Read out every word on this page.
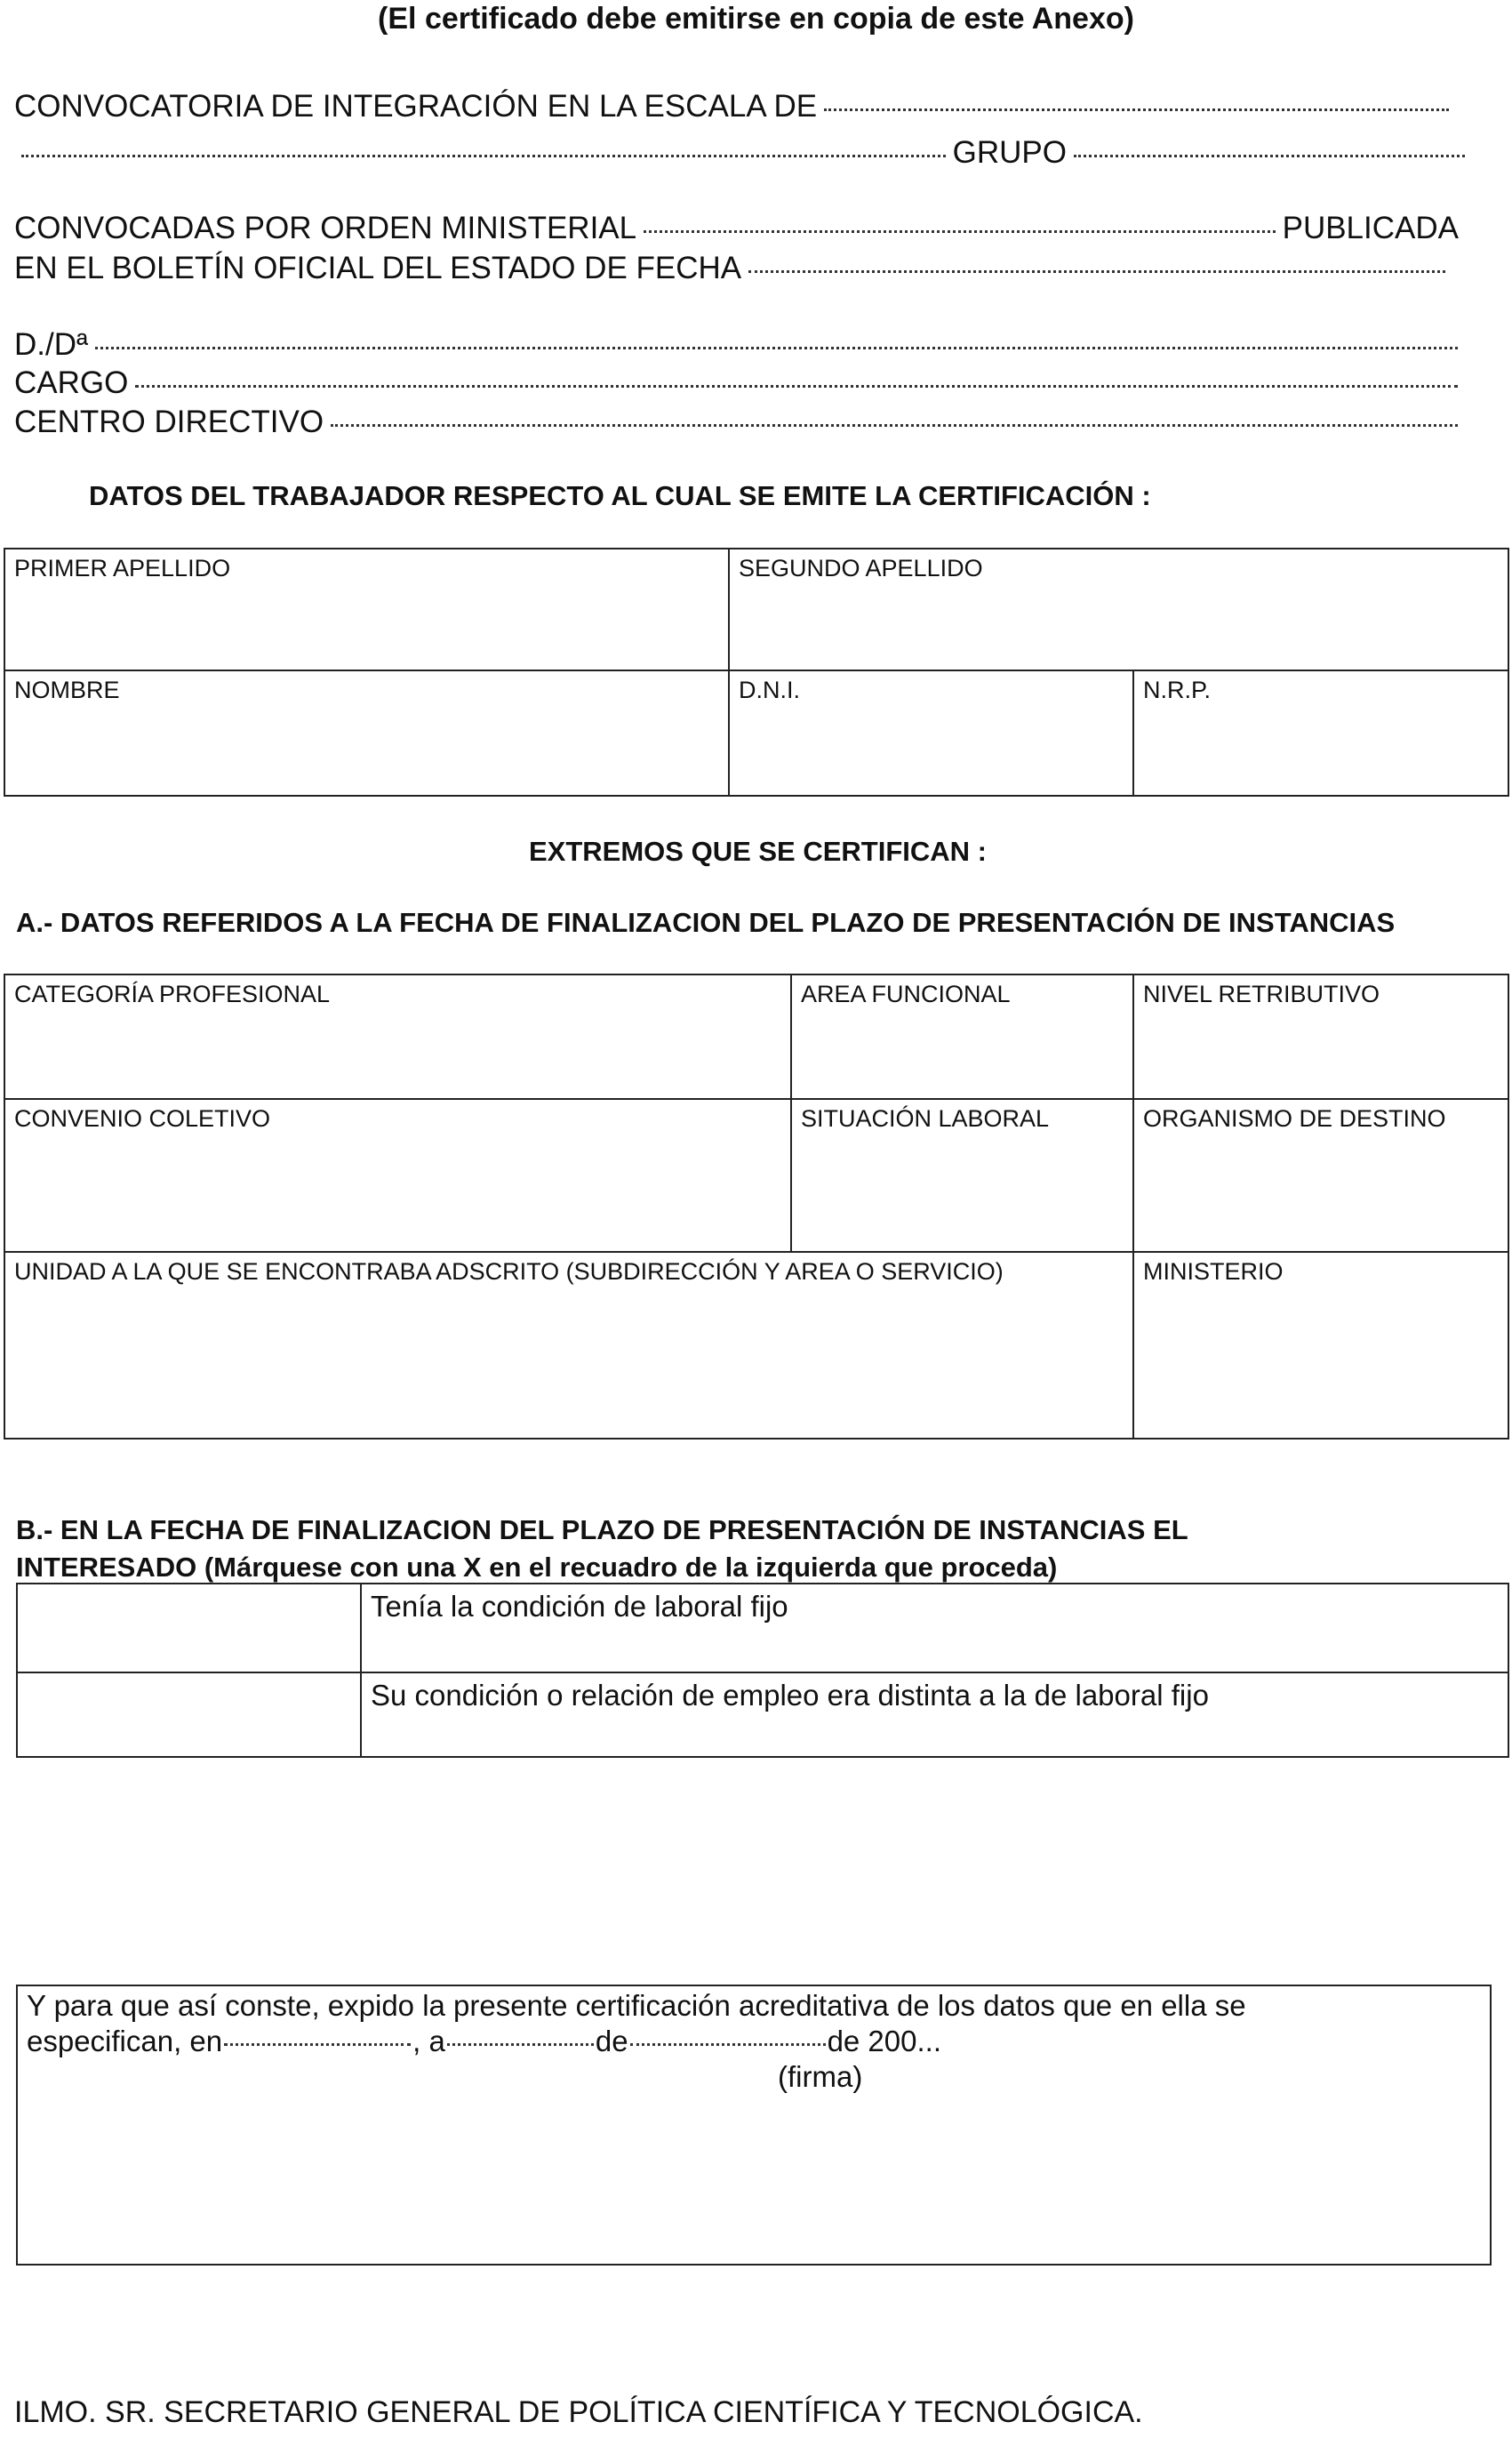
(El certificado debe emitirse en copia de este Anexo)
CONVOCATORIA DE INTEGRACIÓN EN LA ESCALA DE
GRUPO
CONVOCADAS POR ORDEN MINISTERIAL	PUBLICADA
EN EL BOLETÍN OFICIAL DEL ESTADO DE FECHA
D./Dª
CARGO
CENTRO DIRECTIVO
DATOS DEL TRABAJADOR RESPECTO AL CUAL SE EMITE LA CERTIFICACIÓN :
PRIMER APELLIDO	SEGUNDO APELLIDO	
NOMBRE	D.N.I.	N.R.P.
EXTREMOS QUE SE CERTIFICAN :
A.- DATOS REFERIDOS A LA FECHA DE FINALIZACION DEL PLAZO DE PRESENTACIÓN DE INSTANCIAS
CATEGORÍA PROFESIONAL	AREA FUNCIONAL	NIVEL RETRIBUTIVO
CONVENIO COLETIVO	SITUACIÓN LABORAL	ORGANISMO DE DESTINO

UNIDAD A LA QUE SE ENCONTRABA ADSCRITO (SUBDIRECCIÓN Y AREA O SERVICIO)		MINISTERIO
B.- EN LA FECHA DE FINALIZACION DEL PLAZO DE PRESENTACIÓN DE INSTANCIAS EL
INTERESADO (Márquese con una X en el recuadro de la izquierda que proceda)
	Tenía la condición de laboral fijo
	Su condición o relación de empleo era distinta a la de laboral fijo
Y para que así conste, expido la presente certificación acreditativa de los datos que en ella se
especifican, en	, a	de	de 200...
(firma)
ILMO. SR. SECRETARIO GENERAL DE POLÍTICA CIENTÍFICA Y TECNOLÓGICA.
